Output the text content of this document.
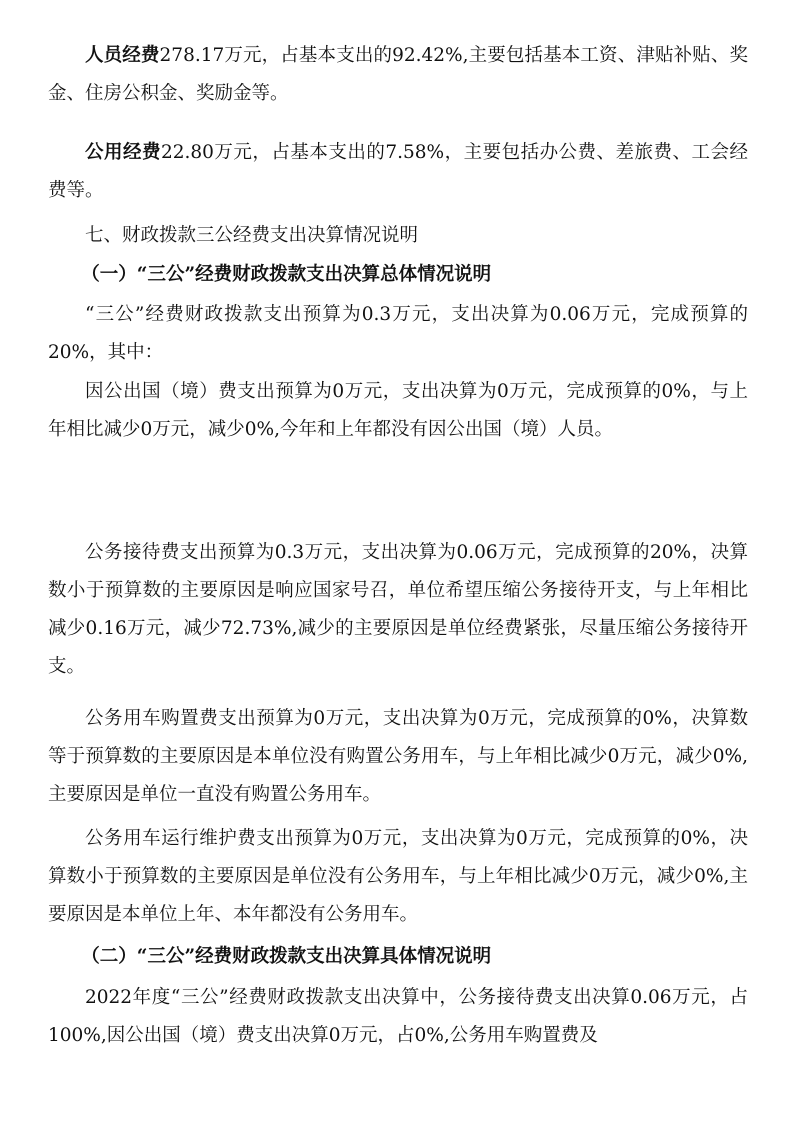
人员经费278.17万元，占基本支出的92.42%,主要包括基本工资、津贴补贴、奖金、住房公积金、奖励金等。

公用经费22.80万元，占基本支出的7.58%，主要包括办公费、差旅费、工会经费等。

七、财政拨款三公经费支出决算情况说明

（一）“三公”经费财政拨款支出决算总体情况说明

“三公”经费财政拨款支出预算为0.3万元，支出决算为0.06万元，完成预算的20%，其中：

因公出国（境）费支出预算为0万元，支出决算为0万元，完成预算的0%，与上年相比减少0万元，减少0%,今年和上年都没有因公出国（境）人员。

公务接待费支出预算为0.3万元，支出决算为0.06万元，完成预算的20%，决算数小于预算数的主要原因是响应国家号召，单位希望压缩公务接待开支，与上年相比减少0.16万元，减少72.73%,减少的主要原因是单位经费紧张，尽量压缩公务接待开支。

公务用车购置费支出预算为0万元，支出决算为0万元，完成预算的0%，决算数等于预算数的主要原因是本单位没有购置公务用车，与上年相比减少0万元，减少0%,主要原因是单位一直没有购置公务用车。

公务用车运行维护费支出预算为0万元，支出决算为0万元，完成预算的0%，决算数小于预算数的主要原因是单位没有公务用车，与上年相比减少0万元，减少0%,主要原因是本单位上年、本年都没有公务用车。

（二）“三公”经费财政拨款支出决算具体情况说明

2022年度“三公”经费财政拨款支出决算中，公务接待费支出决算0.06万元，占100%,因公出国（境）费支出决算0万元，占0%,公务用车购置费及
